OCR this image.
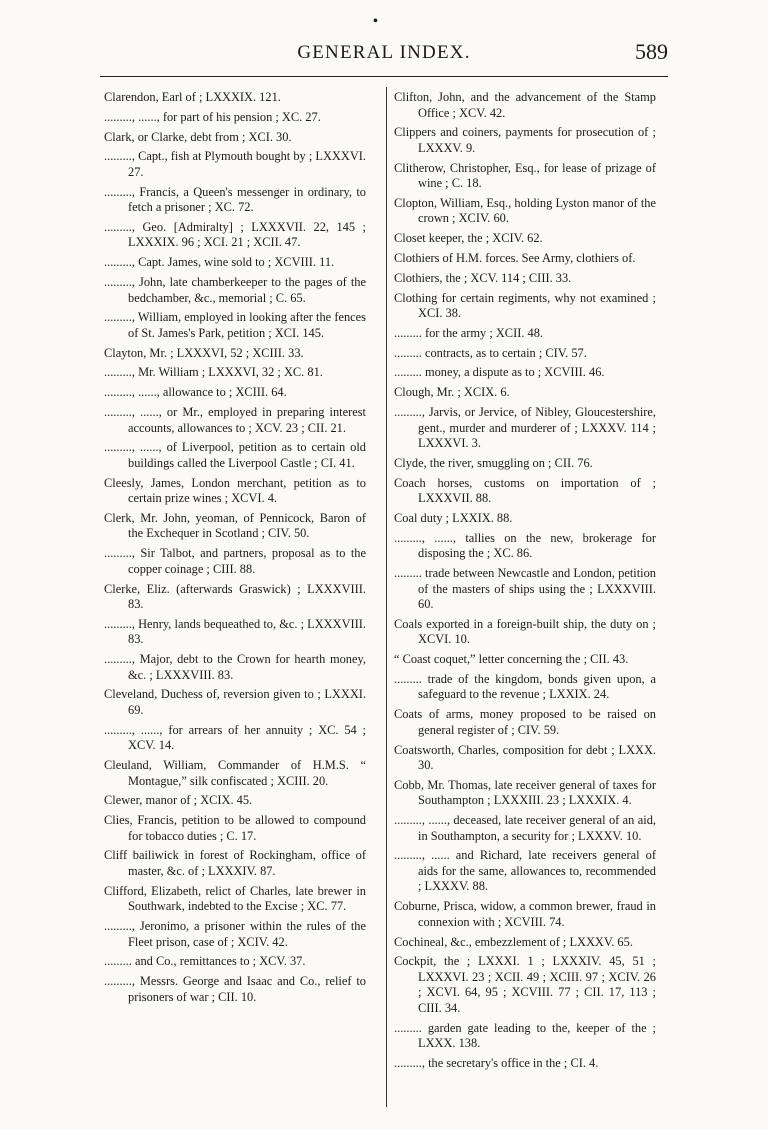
•
GENERAL INDEX.	589
Clarendon, Earl of ; LXXXIX. 121.
........., ......, for part of his pension ; XC. 27.
Clark, or Clarke, debt from ; XCI. 30.
........., Capt., fish at Plymouth bought by ; LXXXVI. 27.
........., Francis, a Queen's messenger in ordinary, to fetch a prisoner ; XC. 72.
........., Geo. [Admiralty] ; LXXXVII. 22, 145 ; LXXXIX. 96 ; XCI. 21 ; XCII. 47.
........., Capt. James, wine sold to ; XCVIII. 11.
........., John, late chamberkeeper to the pages of the bedchamber, &c., memorial ; C. 65.
........., William, employed in looking after the fences of St. James's Park, petition ; XCI. 145.
Clayton, Mr. ; LXXXVI, 52 ; XCIII. 33.
........., Mr. William ; LXXXVI, 32 ; XC. 81.
........., ......, allowance to ; XCIII. 64.
........., ......, or Mr., employed in preparing interest accounts, allowances to ; XCV. 23 ; CII. 21.
........., ......, of Liverpool, petition as to certain old buildings called the Liverpool Castle ; CI. 41.
Cleesly, James, London merchant, petition as to certain prize wines ; XCVI. 4.
Clerk, Mr. John, yeoman, of Pennicock, Baron of the Exchequer in Scotland ; CIV. 50.
........., Sir Talbot, and partners, proposal as to the copper coinage ; CIII. 88.
Clerke, Eliz. (afterwards Graswick) ; LXXXVIII. 83.
........., Henry, lands bequeathed to, &c. ; LXXXVIII. 83.
........., Major, debt to the Crown for hearth money, &c. ; LXXXVIII. 83.
Cleveland, Duchess of, reversion given to ; LXXXI. 69.
........., ......, for arrears of her annuity ; XC. 54 ; XCV. 14.
Cleuland, William, Commander of H.M.S. “ Montague,” silk confiscated ; XCIII. 20.
Clewer, manor of ; XCIX. 45.
Clies, Francis, petition to be allowed to compound for tobacco duties ; C. 17.
Cliff bailiwick in forest of Rockingham, office of master, &c. of ; LXXXIV. 87.
Clifford, Elizabeth, relict of Charles, late brewer in Southwark, indebted to the Excise ; XC. 77.
........., Jeronimo, a prisoner within the rules of the Fleet prison, case of ; XCIV. 42.
......... and Co., remittances to ; XCV. 37.
........., Messrs. George and Isaac and Co., relief to prisoners of war ; CII. 10.
Clifton, John, and the advancement of the Stamp Office ; XCV. 42.
Clippers and coiners, payments for prosecution of ; LXXXV. 9.
Clitherow, Christopher, Esq., for lease of prizage of wine ; C. 18.
Clopton, William, Esq., holding Lyston manor of the crown ; XCIV. 60.
Closet keeper, the ; XCIV. 62.
Clothiers of H.M. forces. See Army, clothiers of.
Clothiers, the ; XCV. 114 ; CIII. 33.
Clothing for certain regiments, why not examined ; XCI. 38.
......... for the army ; XCII. 48.
......... contracts, as to certain ; CIV. 57.
......... money, a dispute as to ; XCVIII. 46.
Clough, Mr. ; XCIX. 6.
........., Jarvis, or Jervice, of Nibley, Gloucestershire, gent., murder and murderer of ; LXXXV. 114 ; LXXXVI. 3.
Clyde, the river, smuggling on ; CII. 76.
Coach horses, customs on importation of ; LXXXVII. 88.
Coal duty ; LXXIX. 88.
........., ......, tallies on the new, brokerage for disposing the ; XC. 86.
......... trade between Newcastle and London, petition of the masters of ships using the ; LXXXVIII. 60.
Coals exported in a foreign-built ship, the duty on ; XCVI. 10.
“ Coast coquet,” letter concerning the ; CII. 43.
......... trade of the kingdom, bonds given upon, a safeguard to the revenue ; LXXIX. 24.
Coats of arms, money proposed to be raised on general register of ; CIV. 59.
Coatsworth, Charles, composition for debt ; LXXX. 30.
Cobb, Mr. Thomas, late receiver general of taxes for Southampton ; LXXXIII. 23 ; LXXXIX. 4.
........., ......, deceased, late receiver general of an aid, in Southampton, a security for ; LXXXV. 10.
........., ...... and Richard, late receivers general of aids for the same, allowances to, recommended ; LXXXV. 88.
Coburne, Prisca, widow, a common brewer, fraud in connexion with ; XCVIII. 74.
Cochineal, &c., embezzlement of ; LXXXV. 65.
Cockpit, the ; LXXXI. 1 ; LXXXIV. 45, 51 ; LXXXVI. 23 ; XCII. 49 ; XCIII. 97 ; XCIV. 26 ; XCVI. 64, 95 ; XCVIII. 77 ; CII. 17, 113 ; CIII. 34.
......... garden gate leading to the, keeper of the ; LXXX. 138.
........., the secretary's office in the ; CI. 4.
